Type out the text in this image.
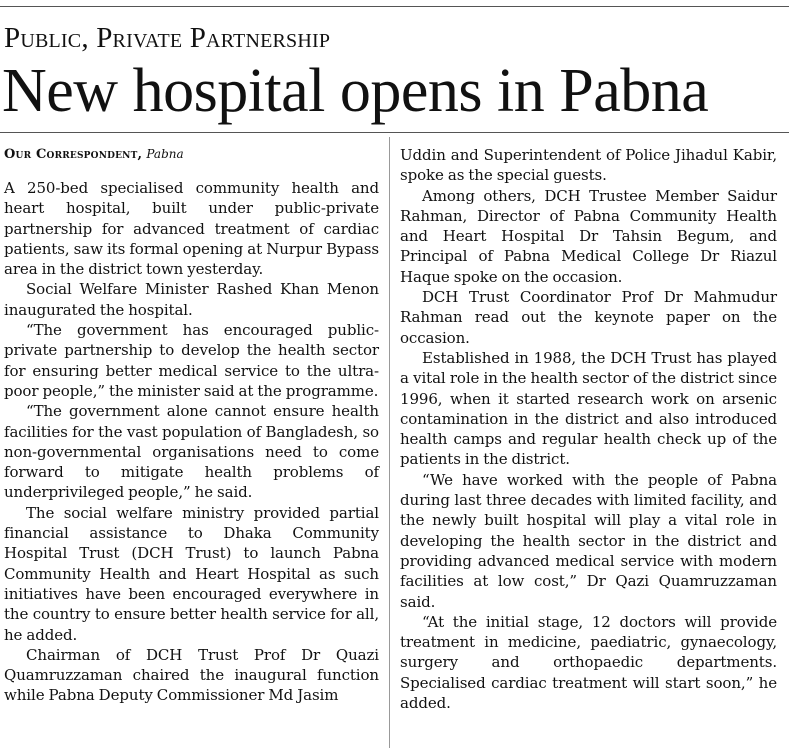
Public, Private Partnership
New hospital opens in Pabna
Our Correspondent, Pabna

A 250-bed specialised community health and heart hospital, built under public-private partnership for advanced treatment of cardiac patients, saw its formal opening at Nurpur Bypass area in the district town yesterday.

Social Welfare Minister Rashed Khan Menon inaugurated the hospital.

“The government has encouraged public-private partnership to develop the health sector for ensuring better medical service to the ultra-poor people,” the minister said at the programme.

“The government alone cannot ensure health facilities for the vast population of Bangladesh, so non-governmental organisations need to come forward to mitigate health problems of underprivileged people,” he said.

The social welfare ministry provided partial financial assistance to Dhaka Community Hospital Trust (DCH Trust) to launch Pabna Community Health and Heart Hospital as such initiatives have been encouraged everywhere in the country to ensure better health service for all, he added.

Chairman of DCH Trust Prof Dr Quazi Quamruzzaman chaired the inaugural function while Pabna Deputy Commissioner Md Jasim

Uddin and Superintendent of Police Jihadul Kabir, spoke as the special guests.

Among others, DCH Trustee Member Saidur Rahman, Director of Pabna Community Health and Heart Hospital Dr Tahsin Begum, and Principal of Pabna Medical College Dr Riazul Haque spoke on the occasion.

DCH Trust Coordinator Prof Dr Mahmudur Rahman read out the keynote paper on the occasion.

Established in 1988, the DCH Trust has played a vital role in the health sector of the district since 1996, when it started research work on arsenic contamination in the district and also introduced health camps and regular health check up of the patients in the district.

“We have worked with the people of Pabna during last three decades with limited facility, and the newly built hospital will play a vital role in developing the health sector in the district and providing advanced medical service with modern facilities at low cost,” Dr Qazi Quamruzzaman said.

“At the initial stage, 12 doctors will provide treatment in medicine, paediatric, gynaecology, surgery and orthopaedic departments. Specialised cardiac treatment will start soon,” he added.
